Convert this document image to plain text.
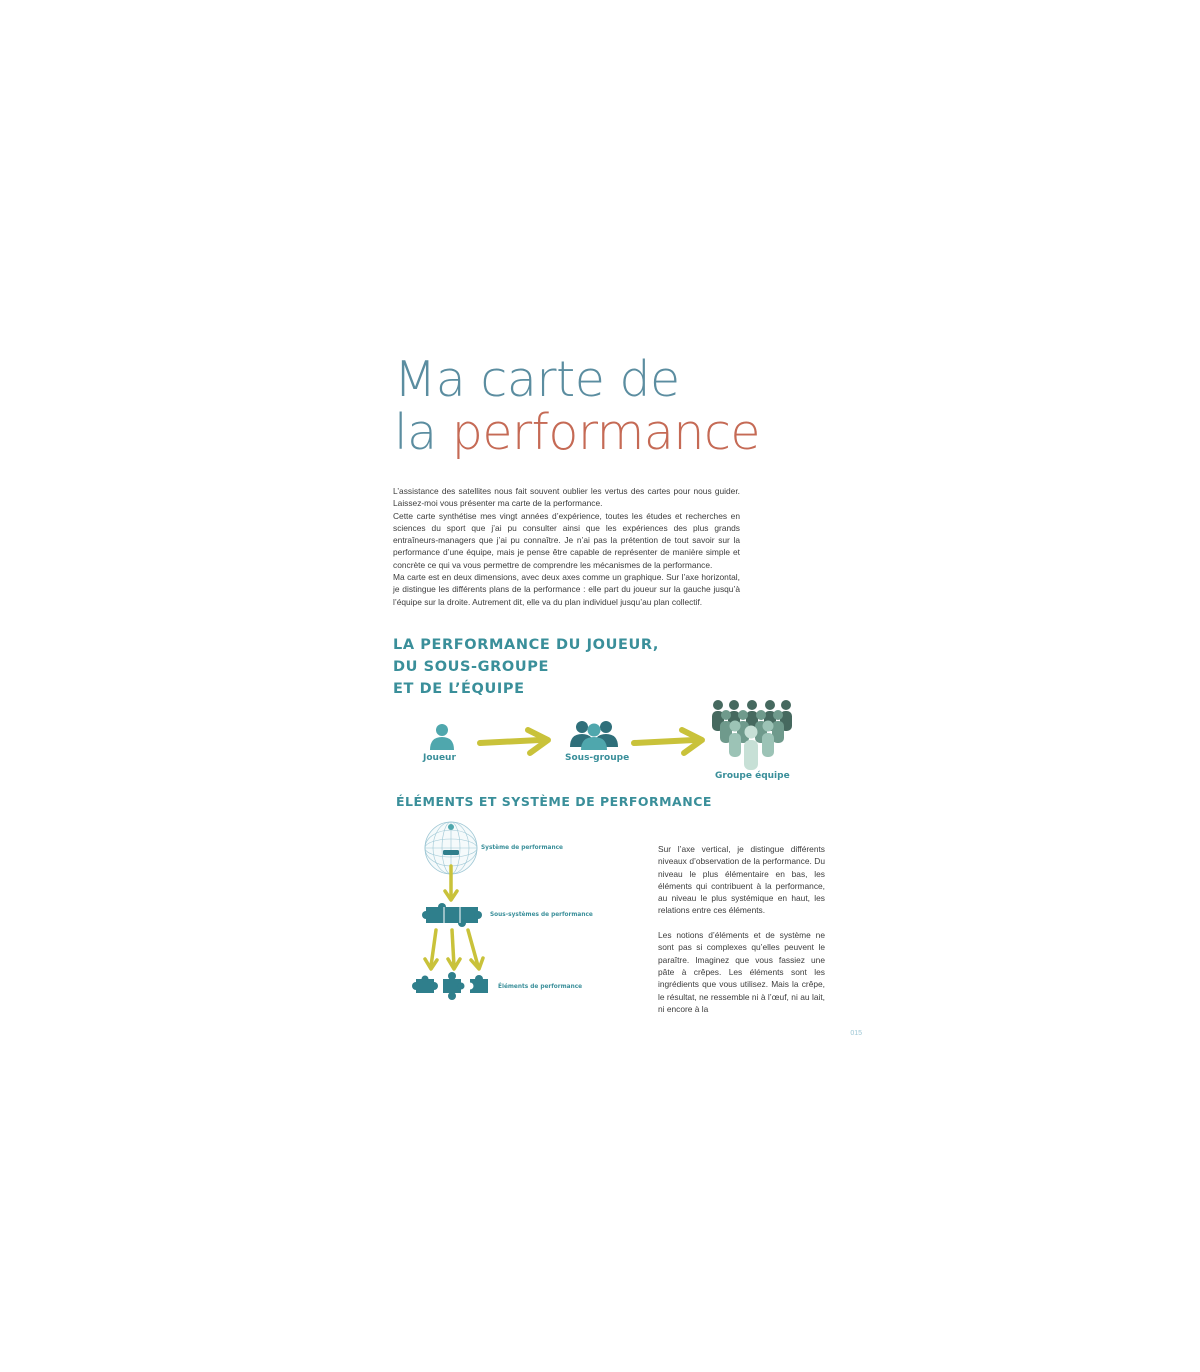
Ma carte de
la performance

L’assistance des satellites nous fait souvent oublier les vertus des cartes pour nous guider. Laissez-moi vous présenter ma carte de la performance.

Cette carte synthétise mes vingt années d’expérience, toutes les études et recherches en sciences du sport que j’ai pu consulter ainsi que les expériences des plus grands entraîneurs-managers que j’ai pu connaître. Je n’ai pas la prétention de tout savoir sur la performance d’une équipe, mais je pense être capable de représenter de manière simple et concrète ce qui va vous permettre de comprendre les mécanismes de la performance.

Ma carte est en deux dimensions, avec deux axes comme un graphique. Sur l’axe horizontal, je distingue les différents plans de la performance : elle part du joueur sur la gauche jusqu’à l’équipe sur la droite. Autrement dit, elle va du plan individuel jusqu’au plan collectif.

LA PERFORMANCE DU JOUEUR,
DU SOUS-GROUPE
ET DE L’ÉQUIPE
Joueur	Sous-groupe
Groupe équipe
ÉLÉMENTS ET SYSTÈME DE PERFORMANCE
Système de performance
Sous-systèmes de performance
Éléments de performance

Sur l’axe vertical, je distingue différents niveaux d’observation de la performance. Du niveau le plus élémentaire en bas, les éléments qui contribuent à la performance, au niveau le plus systémique en haut, les relations entre ces éléments.

Les notions d’éléments et de système ne sont pas si complexes qu’elles peuvent le paraître. Imaginez que vous fassiez une pâte à crêpes. Les éléments sont les ingrédients que vous utilisez. Mais la crêpe, le résultat, ne ressemble ni à l’œuf, ni au lait, ni encore à la

015
